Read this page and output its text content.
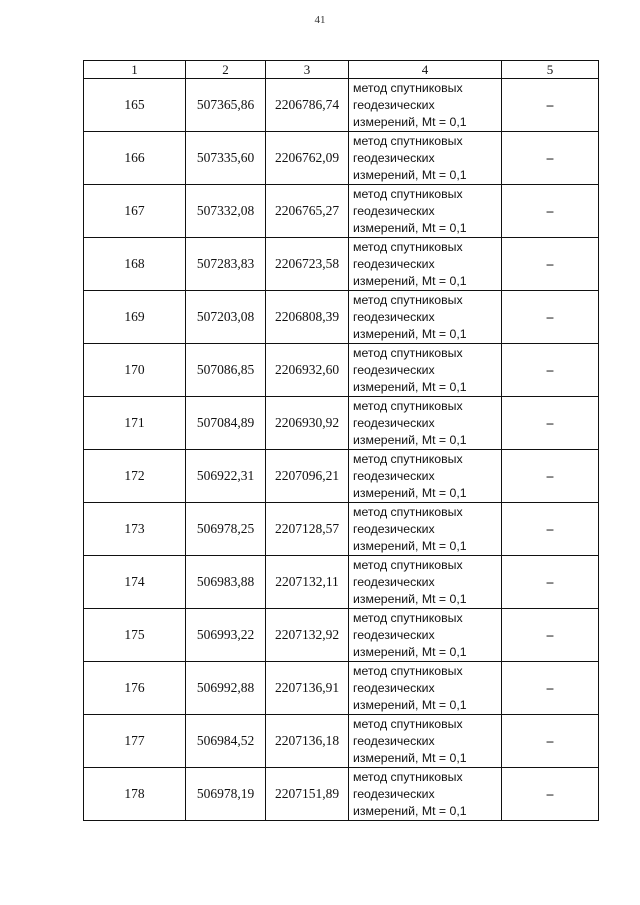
41
1	2	3	4	5
165	507365,86	2206786,74	метод спутниковых
геодезических
измерений, Mt = 0,1	–
166	507335,60	2206762,09	метод спутниковых
геодезических
измерений, Mt = 0,1	–
167	507332,08	2206765,27	метод спутниковых
геодезических
измерений, Mt = 0,1	–
168	507283,83	2206723,58	метод спутниковых
геодезических
измерений, Mt = 0,1	–
169	507203,08	2206808,39	метод спутниковых
геодезических
измерений, Mt = 0,1	–
170	507086,85	2206932,60	метод спутниковых
геодезических
измерений, Mt = 0,1	–
171	507084,89	2206930,92	метод спутниковых
геодезических
измерений, Mt = 0,1	–
172	506922,31	2207096,21	метод спутниковых
геодезических
измерений, Mt = 0,1	–
173	506978,25	2207128,57	метод спутниковых
геодезических
измерений, Mt = 0,1	–
174	506983,88	2207132,11	метод спутниковых
геодезических
измерений, Mt = 0,1	–
175	506993,22	2207132,92	метод спутниковых
геодезических
измерений, Mt = 0,1	–
176	506992,88	2207136,91	метод спутниковых
геодезических
измерений, Mt = 0,1	–
177	506984,52	2207136,18	метод спутниковых
геодезических
измерений, Mt = 0,1	–
178	506978,19	2207151,89	метод спутниковых
геодезических
измерений, Mt = 0,1	–
